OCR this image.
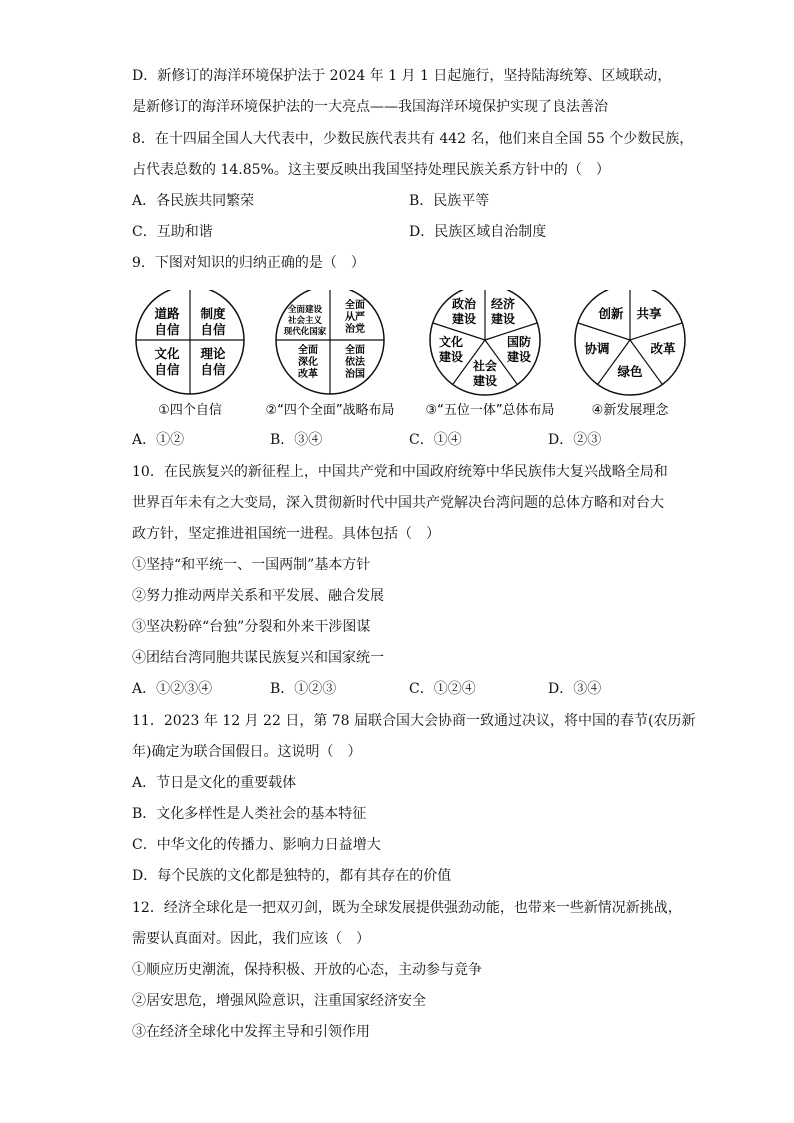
D．新修订的海洋环境保护法于 2024 年 1 月 1 日起施行，坚持陆海统筹、区域联动，
是新修订的海洋环境保护法的一大亮点——我国海洋环境保护实现了良法善治
8．在十四届全国人大代表中，少数民族代表共有 442 名，他们来自全国 55 个少数民族，
占代表总数的 14.85%。这主要反映出我国坚持处理民族关系方针中的（　）
A．各民族共同繁荣	B．民族平等
C．互助和谐	D．民族区域自治制度
9．下图对知识的归纳正确的是（　）
道路
自信
制度
自信
文化
自信
理论
自信
①四个自信
全面建设
社会主义
现代化国家
全面
从严
治党
全面
深化
改革
全面
依法
治国
②“四个全面”战略布局
政治
建设
经济
建设
国防
建设
社会
建设
文化
建设
③“五位一体”总体布局
创新 共享
改革
绿色
协调
④新发展理念
A．①②	B．③④	C．①④	D．②③
10．在民族复兴的新征程上，中国共产党和中国政府统筹中华民族伟大复兴战略全局和
世界百年未有之大变局，深入贯彻新时代中国共产党解决台湾问题的总体方略和对台大
政方针，坚定推进祖国统一进程。具体包括（　）
①坚持“和平统一、一国两制”基本方针
②努力推动两岸关系和平发展、融合发展
③坚决粉碎“台独”分裂和外来干涉图谋
④团结台湾同胞共谋民族复兴和国家统一
A．①②③④	B．①②③	C．①②④	D．③④
11．2023 年 12 月 22 日，第 78 届联合国大会协商一致通过决议，将中国的春节(农历新
年)确定为联合国假日。这说明（　）
A．节日是文化的重要载体
B．文化多样性是人类社会的基本特征
C．中华文化的传播力、影响力日益增大
D．每个民族的文化都是独特的，都有其存在的价值
12．经济全球化是一把双刃剑，既为全球发展提供强劲动能，也带来一些新情况新挑战，
需要认真面对。因此，我们应该（　）
①顺应历史潮流，保持积极、开放的心态，主动参与竞争
②居安思危，增强风险意识，注重国家经济安全
③在经济全球化中发挥主导和引领作用
